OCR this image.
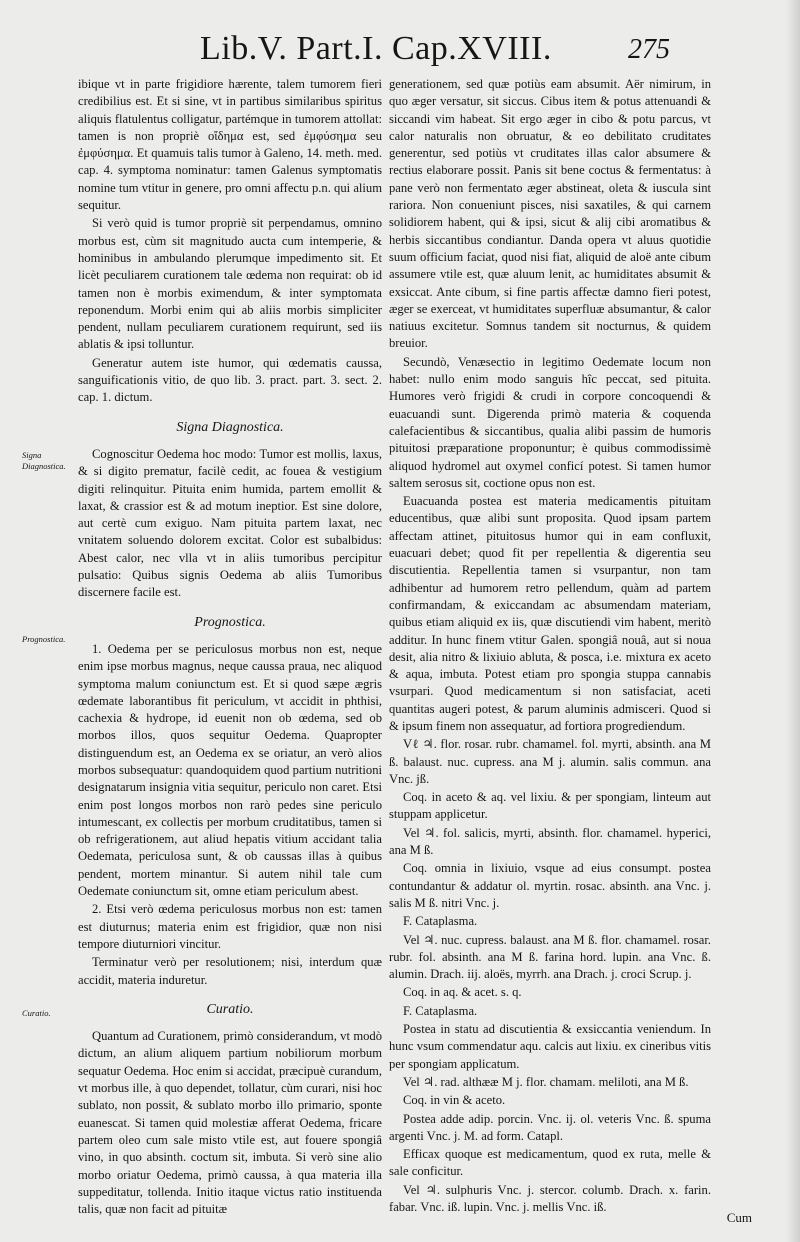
Lib.V. Part.I. Cap.XVIII.	275
Signa Diagnostica.
Prognostica.
Curatio.

ibique vt in parte frigidiore hærente, talem tumorem fieri credibilius est. Et si sine, vt in partibus similaribus spiritus aliquis flatulentus colligatur, partémque in tumorem attollat: tamen is non propriè οἴδημα est, sed ἐμφύσημα seu ἐμφύσημα. Et quamuis talis tumor à Galeno, 14. meth. med. cap. 4. symptoma nominatur: tamen Galenus symptomatis nomine tum vtitur in genere, pro omni affectu p.n. qui alium sequitur.

Si verò quid is tumor propriè sit perpendamus, omnino morbus est, cùm sit magnitudo aucta cum intemperie, & hominibus in ambulando plerumque impedimento sit. Et licèt peculiarem curationem tale œdema non requirat: ob id tamen non è morbis eximendum, & inter symptomata reponendum. Morbi enim qui ab aliis morbis simpliciter pendent, nullam peculiarem curationem requirunt, sed iis ablatis & ipsi tolluntur.

Generatur autem iste humor, qui œdematis caussa, sanguificationis vitio, de quo lib. 3. pract. part. 3. sect. 2. cap. 1. dictum.

Signa Diagnostica.

Cognoscitur Oedema hoc modo: Tumor est mollis, laxus, & si digito prematur, facilè cedit, ac fouea & vestigium digiti relinquitur. Pituita enim humida, partem emollit & laxat, & crassior est & ad motum ineptior. Est sine dolore, aut certè cum exiguo. Nam pituita partem laxat, nec vnitatem soluendo dolorem excitat. Color est subalbidus: Abest calor, nec vlla vt in aliis tumoribus percipitur pulsatio: Quibus signis Oedema ab aliis Tumoribus discernere facile est.

Prognostica.

1. Oedema per se periculosus morbus non est, neque enim ipse morbus magnus, neque caussa praua, nec aliquod symptoma malum coniunctum est. Et si quod sæpe ægris œdemate laborantibus fit periculum, vt accidit in phthisi, cachexia & hydrope, id euenit non ob œdema, sed ob morbos illos, quos sequitur Oedema. Quapropter distinguendum est, an Oedema ex se oriatur, an verò alios morbos subsequatur: quandoquidem quod partium nutritioni designatarum insignia vitia sequitur, periculo non caret. Etsi enim post longos morbos non rarò pedes sine periculo intumescant, ex collectis per morbum cruditatibus, tamen si ob refrigerationem, aut aliud hepatis vitium accidant talia Oedemata, periculosa sunt, & ob caussas illas à quibus pendent, mortem minantur. Si autem nihil tale cum Oedemate coniunctum sit, omne etiam periculum abest.

2. Etsi verò œdema periculosus morbus non est: tamen est diuturnus; materia enim est frigidior, quæ non nisi tempore diuturniori vincitur.

Terminatur verò per resolutionem; nisi, interdum quæ accidit, materia induretur.

Curatio.

Quantum ad Curationem, primò considerandum, vt modò dictum, an alium aliquem partium nobiliorum morbum sequatur Oedema. Hoc enim si accidat, præcipuè curandum, vt morbus ille, à quo dependet, tollatur, cùm curari, nisi hoc sublato, non possit, & sublato morbo illo primario, sponte euanescat. Si tamen quid molestiæ afferat Oedema, fricare partem oleo cum sale misto vtile est, aut fouere spongiâ vino, in quo absinth. coctum sit, imbuta. Si verò sine alio morbo oriatur Oedema, primò caussa, à qua materia illa suppeditatur, tollenda. Initio itaque victus ratio instituenda talis, quæ non facit ad pituitæ

generationem, sed quæ potiùs eam absumit. Aër nimirum, in quo æger versatur, sit siccus. Cibus item & potus attenuandi & siccandi vim habeat. Sit ergo æger in cibo & potu parcus, vt calor naturalis non obruatur, & eo debilitato cruditates generentur, sed potiùs vt cruditates illas calor absumere & rectius elaborare possit. Panis sit bene coctus & fermentatus: à pane verò non fermentato æger abstineat, oleta & iuscula sint rariora. Non conueniunt pisces, nisi saxatiles, & qui carnem solidiorem habent, qui & ipsi, sicut & alij cibi aromatibus & herbis siccantibus condiantur. Danda opera vt aluus quotidie suum officium faciat, quod nisi fiat, aliquid de aloë ante cibum assumere vtile est, quæ aluum lenit, ac humiditates absumit & exsiccat. Ante cibum, si fine partis affectæ damno fieri potest, æger se exerceat, vt humiditates superfluæ absumantur, & calor natiuus excitetur. Somnus tandem sit nocturnus, & quidem breuior.

Secundò, Venæsectio in legitimo Oedemate locum non habet: nullo enim modo sanguis hîc peccat, sed pituita. Humores verò frigidi & crudi in corpore concoquendi & euacuandi sunt. Digerenda primò materia & coquenda calefacientibus & siccantibus, qualia alibi passim de humoris pituitosi præparatione proponuntur; è quibus commodissimè aliquod hydromel aut oxymel conficí potest. Si tamen humor saltem serosus sit, coctione opus non est.

Euacuanda postea est materia medicamentis pituitam educentibus, quæ alibi sunt proposita. Quod ipsam partem affectam attinet, pituitosus humor qui in eam confluxit, euacuari debet; quod fit per repellentia & digerentia seu discutientia. Repellentia tamen si vsurpantur, non tam adhibentur ad humorem retro pellendum, quàm ad partem confirmandam, & exiccandam ac absumendam materiam, quibus etiam aliquid ex iis, quæ discutiendi vim habent, meritò additur. In hunc finem vtitur Galen. spongiâ nouâ, aut si noua desit, alia nitro & lixiuio abluta, & posca, i.e. mixtura ex aceto & aqua, imbuta. Potest etiam pro spongia stuppa cannabis vsurpari. Quod medicamentum si non satisfaciat, aceti quantitas augeri potest, & parum aluminis admisceri. Quod si & ipsum finem non assequatur, ad fortiora progrediendum.

Vℓ ♃. flor. rosar. rubr. chamamel. fol. myrti, absinth. ana M ß. balaust. nuc. cupress. ana M j. alumin. salis commun. ana Vnc. jß.

Coq. in aceto & aq. vel lixiu. & per spongiam, linteum aut stuppam applicetur.

Vel ♃. fol. salicis, myrti, absinth. flor. chamamel. hyperici, ana M ß.

Coq. omnia in lixiuio, vsque ad eius consumpt. postea contundantur & addatur ol. myrtin. rosac. absinth. ana Vnc. j. salis M ß. nitri Vnc. j.

F. Cataplasma.

Vel ♃. nuc. cupress. balaust. ana M ß. flor. chamamel. rosar. rubr. fol. absinth. ana M ß. farina hord. lupin. ana Vnc. ß. alumin. Drach. iij. aloës, myrrh. ana Drach. j. croci Scrup. j.

Coq. in aq. & acet. s. q.

F. Cataplasma.

Postea in statu ad discutientia & exsiccantia veniendum. In hunc vsum commendatur aqu. calcis aut lixiu. ex cineribus vitis per spongiam applicatum.

Vel ♃. rad. althææ M j. flor. chamam. meliloti, ana M ß.

Coq. in vin & aceto.

Postea adde adip. porcin. Vnc. ij. ol. veteris Vnc. ß. spuma argenti Vnc. j. M. ad form. Catapl.

Efficax quoque est medicamentum, quod ex ruta, melle & sale conficitur.

Vel ♃. sulphuris Vnc. j. stercor. columb. Drach. x. farin. fabar. Vnc. iß. lupin. Vnc. j. mellis Vnc. iß.

Cum
